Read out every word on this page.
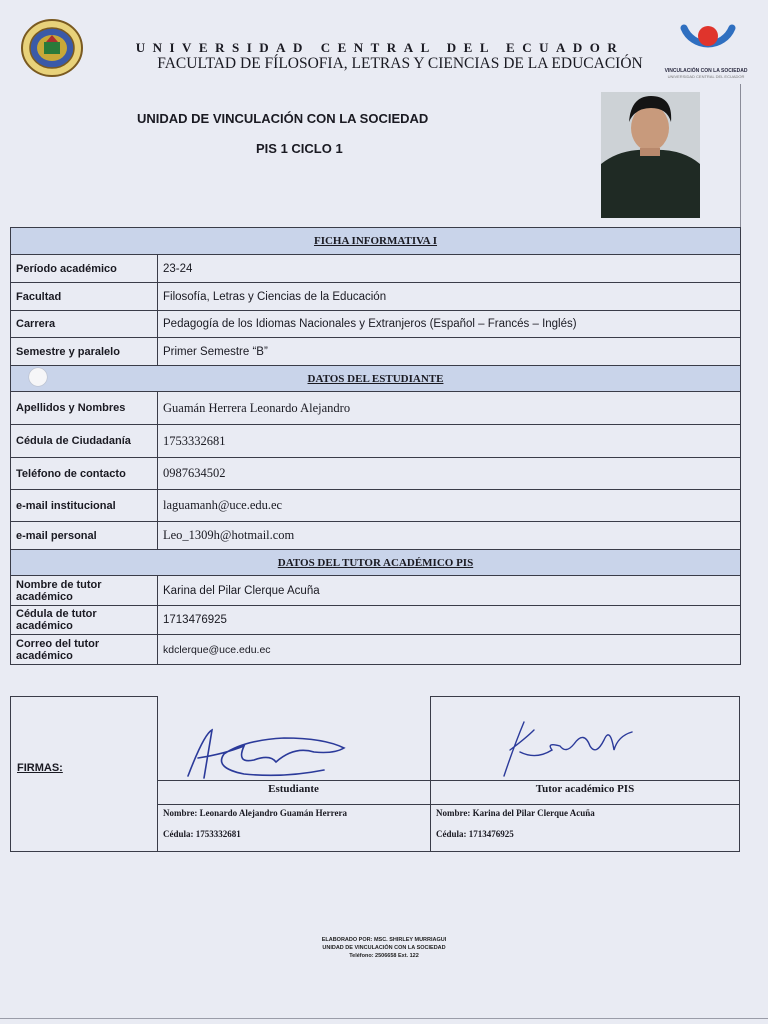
VINCULACIÓN CON LA SOCIEDAD
UNIVERSIDAD CENTRAL DEL ECUADOR
UNIVERSIDAD CENTRAL DEL ECUADOR
FACULTAD DE FÍLOSOFIA, LETRAS Y CIENCIAS DE LA EDUCACIÓN
UNIDAD DE VINCULACIÓN CON LA SOCIEDAD
PIS 1 CICLO 1
FICHA INFORMATIVA I	
Período académico	23-24
Facultad	Filosofía, Letras y Ciencias de la Educación
Carrera	Pedagogía de los Idiomas Nacionales y Extranjeros (Español – Francés – Inglés)
Semestre y paralelo	Primer Semestre “B”
DATOS DEL ESTUDIANTE	
Apellidos y Nombres	Guamán Herrera Leonardo Alejandro
Cédula de Ciudadanía	1753332681
Teléfono de contacto	0987634502
e-mail institucional	laguamanh@uce.edu.ec
e-mail personal	Leo_1309h@hotmail.com
DATOS DEL TUTOR ACADÉMICO PIS	
Nombre de tutor académico	Karina del Pilar Clerque Acuña
Cédula de tutor académico	1713476925
Correo del tutor académico	kdclerque@uce.edu.ec
FIRMAS:
Estudiante	Tutor académico PIS
Nombre: Leonardo Alejandro Guamán Herrera
Cédula: 1753332681
Nombre: Karina del Pilar Clerque Acuña
Cédula: 1713476925
ELABORADO POR: MSC. SHIRLEY MURRIAGUI
UNIDAD DE VINCULACIÓN CON LA SOCIEDAD
Teléfono: 2506658 Ext. 122
